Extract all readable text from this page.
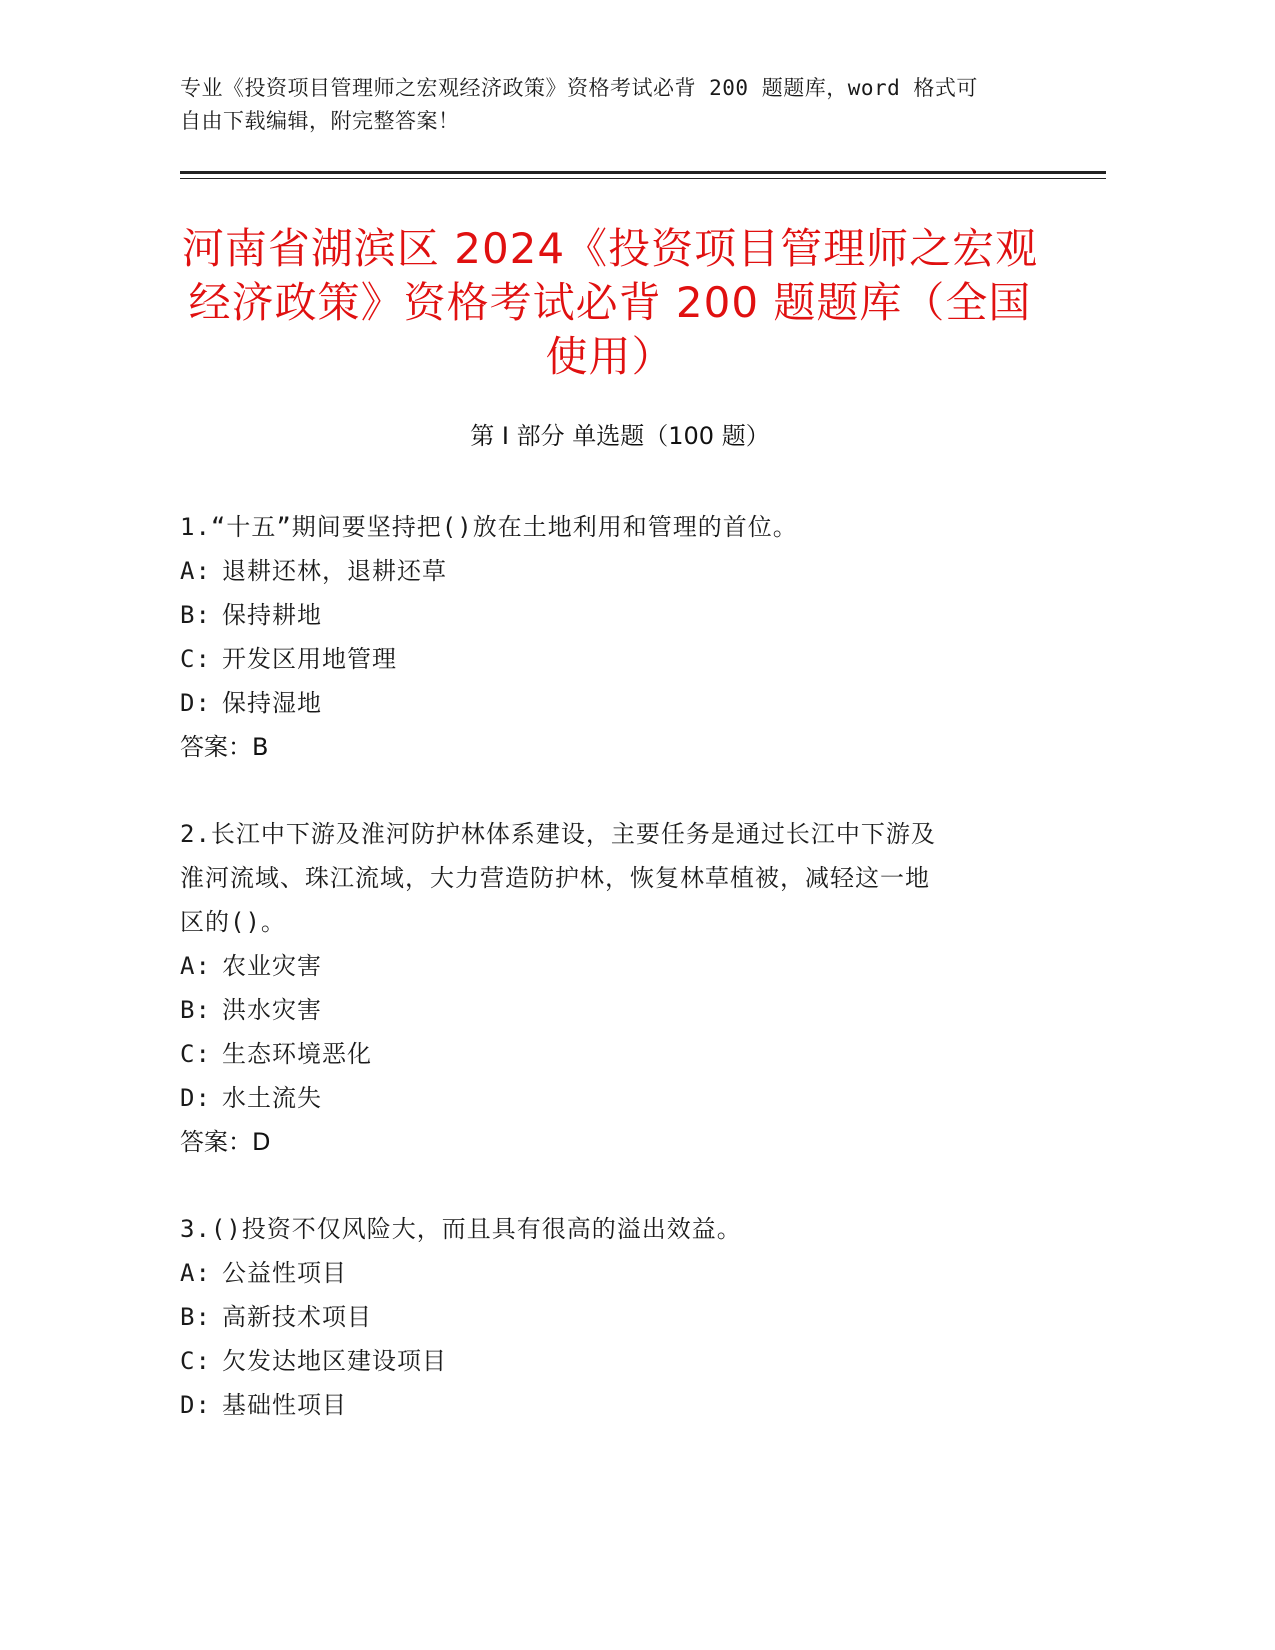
专业《投资项目管理师之宏观经济政策》资格考试必背 200 题题库，word 格式可
自由下载编辑，附完整答案！
河南省湖滨区 2024《投资项目管理师之宏观
经济政策》资格考试必背 200 题题库（全国
使用）
第 I 部分 单选题（100 题）
1.“十五”期间要坚持把()放在土地利用和管理的首位。
A: 退耕还林，退耕还草
B: 保持耕地
C: 开发区用地管理
D: 保持湿地
答案：B
2.长江中下游及淮河防护林体系建设，主要任务是通过长江中下游及
淮河流域、珠江流域，大力营造防护林，恢复林草植被，减轻这一地
区的()。
A: 农业灾害
B: 洪水灾害
C: 生态环境恶化
D: 水土流失
答案：D
3.()投资不仅风险大，而且具有很高的溢出效益。
A: 公益性项目
B: 高新技术项目
C: 欠发达地区建设项目
D: 基础性项目
